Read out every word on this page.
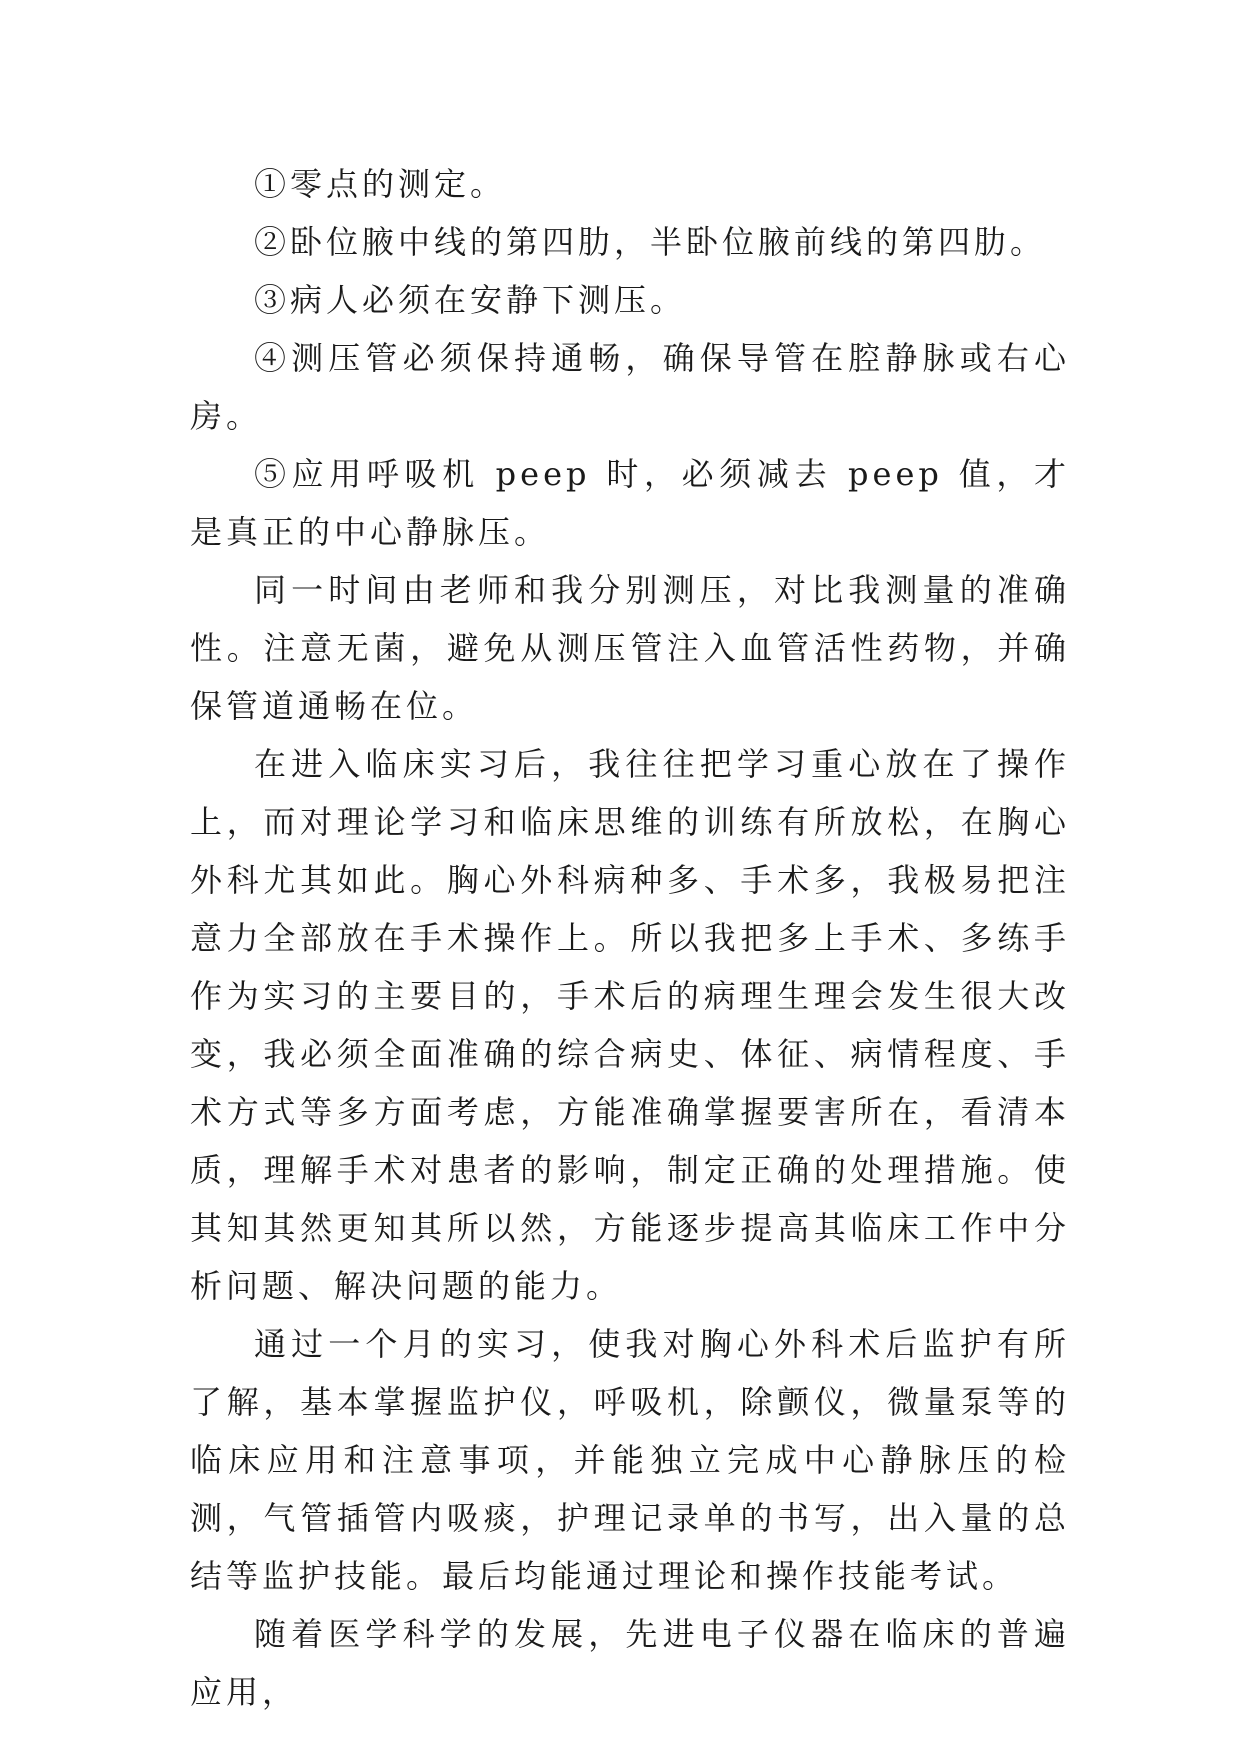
①零点的测定。

②卧位腋中线的第四肋，半卧位腋前线的第四肋。

③病人必须在安静下测压。

④测压管必须保持通畅，确保导管在腔静脉或右心房。

⑤应用呼吸机 peep 时，必须减去 peep 值，才是真正的中心静脉压。

同一时间由老师和我分别测压，对比我测量的准确性。注意无菌，避免从测压管注入血管活性药物，并确保管道通畅在位。

在进入临床实习后，我往往把学习重心放在了操作上，而对理论学习和临床思维的训练有所放松，在胸心外科尤其如此。胸心外科病种多、手术多，我极易把注意力全部放在手术操作上。所以我把多上手术、多练手作为实习的主要目的，手术后的病理生理会发生很大改变，我必须全面准确的综合病史、体征、病情程度、手术方式等多方面考虑，方能准确掌握要害所在，看清本质，理解手术对患者的影响，制定正确的处理措施。使其知其然更知其所以然，方能逐步提高其临床工作中分析问题、解决问题的能力。

通过一个月的实习，使我对胸心外科术后监护有所了解，基本掌握监护仪，呼吸机，除颤仪，微量泵等的临床应用和注意事项，并能独立完成中心静脉压的检测，气管插管内吸痰，护理记录单的书写，出入量的总结等监护技能。最后均能通过理论和操作技能考试。

随着医学科学的发展，先进电子仪器在临床的普遍应用，
